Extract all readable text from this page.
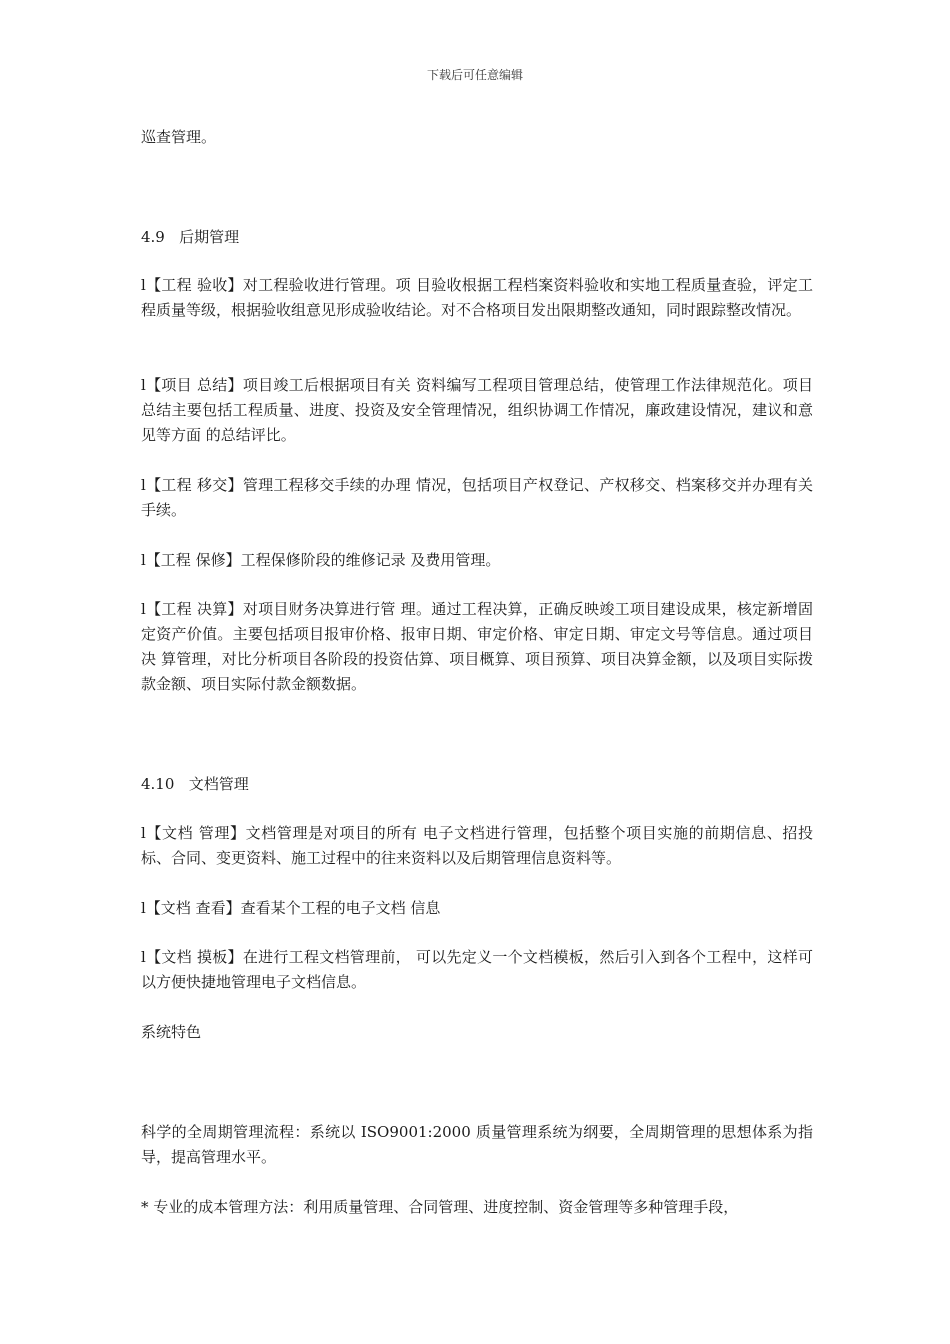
下载后可任意编辑

巡查管理。

4.9   后期管理

l【工程 验收】对工程验收进行管理。项 目验收根据工程档案资料验收和实地工程质量查验，评定工程质量等级，根据验收组意见形成验收结论。对不合格项目发出限期整改通知，同时跟踪整改情况。

l【项目 总结】项目竣工后根据项目有关 资料编写工程项目管理总结，使管理工作法律规范化。项目总结主要包括工程质量、进度、投资及安全管理情况，组织协调工作情况，廉政建设情况，建议和意见等方面 的总结评比。

l【工程 移交】管理工程移交手续的办理 情况，包括项目产权登记、产权移交、档案移交并办理有关手续。

l【工程 保修】工程保修阶段的维修记录 及费用管理。

l【工程 决算】对项目财务决算进行管 理。通过工程决算，正确反映竣工项目建设成果，核定新增固定资产价值。主要包括项目报审价格、报审日期、审定价格、审定日期、审定文号等信息。通过项目决 算管理，对比分析项目各阶段的投资估算、项目概算、项目预算、项目决算金额，以及项目实际拨款金额、项目实际付款金额数据。

4.10   文档管理

l【文档 管理】文档管理是对项目的所有 电子文档进行管理，包括整个项目实施的前期信息、招投标、合同、变更资料、施工过程中的往来资料以及后期管理信息资料等。

l【文档 查看】查看某个工程的电子文档 信息

l【文档 摸板】在进行工程文档管理前， 可以先定义一个文档模板，然后引入到各个工程中，这样可以方便快捷地管理电子文档信息。

系统特色

科学的全周期管理流程：系统以 ISO9001:2000 质量管理系统为纲要，全周期管理的思想体系为指导，提高管理水平。

* 专业的成本管理方法：利用质量管理、合同管理、进度控制、资金管理等多种管理手段，
